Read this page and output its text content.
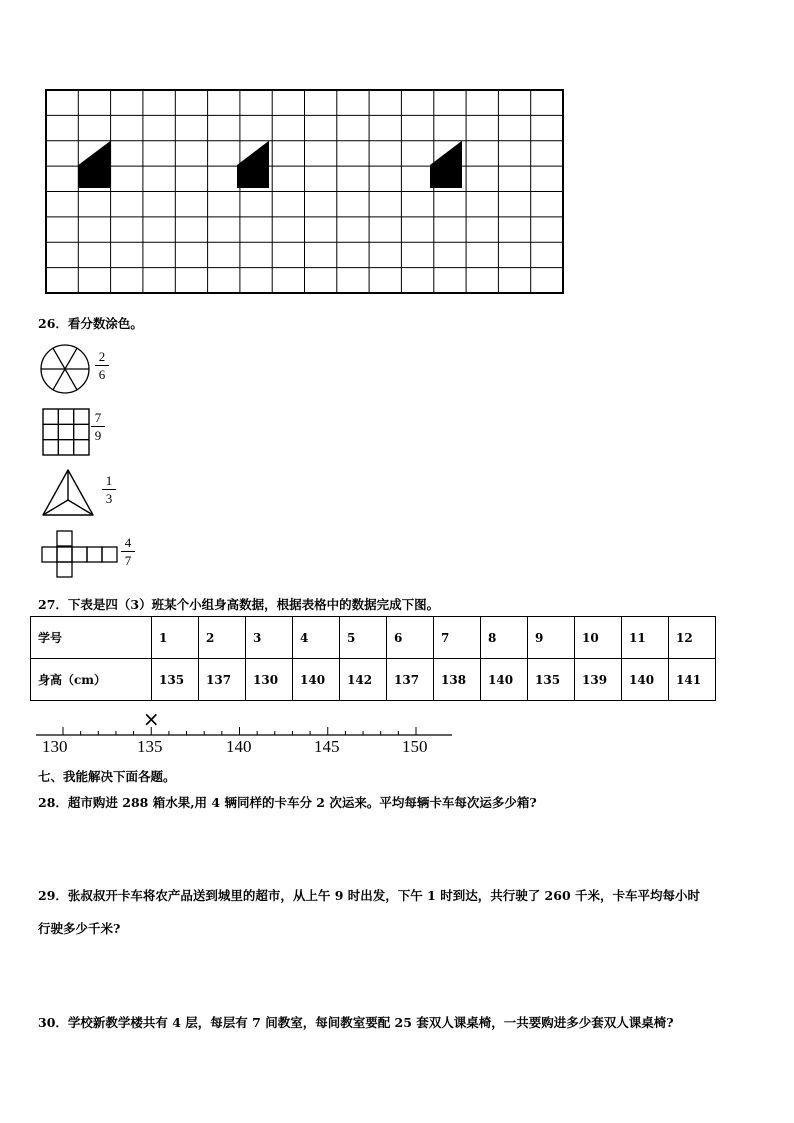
26．看分数涂色。
2
6
7
9
1
3
4
7
27．下表是四（3）班某个小组身高数据，根据表格中的数据完成下图。
学号	1	2	3	4	5	6	7	8	9	10	11	12
身高（cm）	135	137	130	140	142	137	138	140	135	139	140	141
×
130	135	140	145	150
七、我能解决下面各题。
28．超市购进 288 箱水果,用 4 辆同样的卡车分 2 次运来。平均每辆卡车每次运多少箱?
29．张叔叔开卡车将农产品送到城里的超市，从上午 9 时出发，下午 1 时到达，共行驶了 260 千米，卡车平均每小时
行驶多少千米?
30．学校新教学楼共有 4 层，每层有 7 间教室，每间教室要配 25 套双人课桌椅，一共要购进多少套双人课桌椅?
